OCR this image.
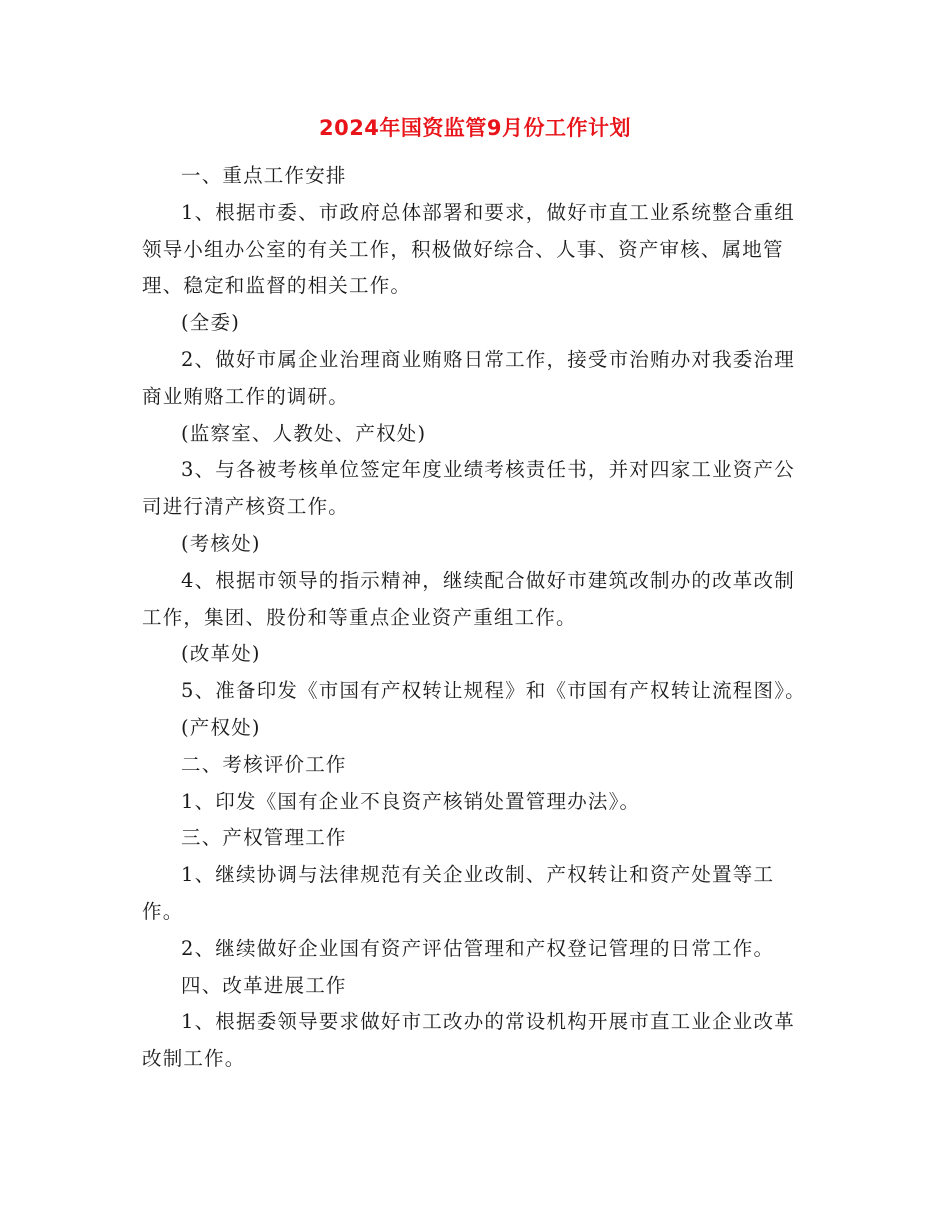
2024年国资监管9月份工作计划

一、重点工作安排

1、根据市委、市政府总体部署和要求，做好市直工业系统整合重组领导小组办公室的有关工作，积极做好综合、人事、资产审核、属地管理、稳定和监督的相关工作。

(全委)

2、做好市属企业治理商业贿赂日常工作，接受市治贿办对我委治理商业贿赂工作的调研。

(监察室、人教处、产权处)

3、与各被考核单位签定年度业绩考核责任书，并对四家工业资产公司进行清产核资工作。

(考核处)

4、根据市领导的指示精神，继续配合做好市建筑改制办的改革改制工作，集团、股份和等重点企业资产重组工作。

(改革处)

5、准备印发《市国有产权转让规程》和《市国有产权转让流程图》。

(产权处)

二、考核评价工作

1、印发《国有企业不良资产核销处置管理办法》。

三、产权管理工作

1、继续协调与法律规范有关企业改制、产权转让和资产处置等工作。

2、继续做好企业国有资产评估管理和产权登记管理的日常工作。

四、改革进展工作

1、根据委领导要求做好市工改办的常设机构开展市直工业企业改革改制工作。
